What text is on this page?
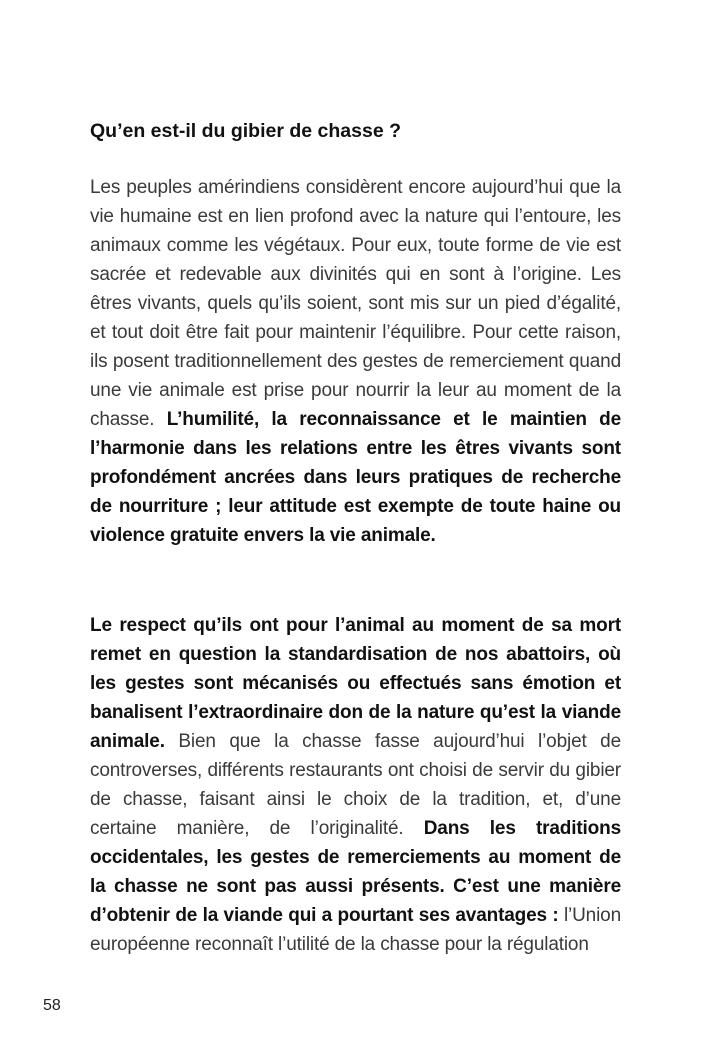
Qu’en est-il du gibier de chasse ?

Les peuples amérindiens considèrent encore aujourd’hui que la vie humaine est en lien profond avec la nature qui l’entoure, les animaux comme les végétaux. Pour eux, toute forme de vie est sacrée et redevable aux divinités qui en sont à l’origine. Les êtres vivants, quels qu’ils soient, sont mis sur un pied d’égalité, et tout doit être fait pour maintenir l’équilibre. Pour cette raison, ils posent traditionnellement des gestes de remerciement quand une vie animale est prise pour nourrir la leur au moment de la chasse. L’humilité, la reconnaissance et le maintien de l’harmonie dans les relations entre les êtres vivants sont profondément ancrées dans leurs pratiques de recherche de nourriture ; leur attitude est exempte de toute haine ou violence gratuite envers la vie animale.

Le respect qu’ils ont pour l’animal au moment de sa mort remet en question la standardisation de nos abattoirs, où les gestes sont mécanisés ou effectués sans émotion et banalisent l’extraordinaire don de la nature qu’est la viande animale. Bien que la chasse fasse aujourd’hui l’objet de controverses, différents restaurants ont choisi de servir du gibier de chasse, faisant ainsi le choix de la tradition, et, d’une certaine manière, de l’originalité. Dans les traditions occidentales, les gestes de remerciements au moment de la chasse ne sont pas aussi présents. C’est une manière d’obtenir de la viande qui a pourtant ses avantages : l’Union européenne reconnaît l’utilité de la chasse pour la régulation

58
